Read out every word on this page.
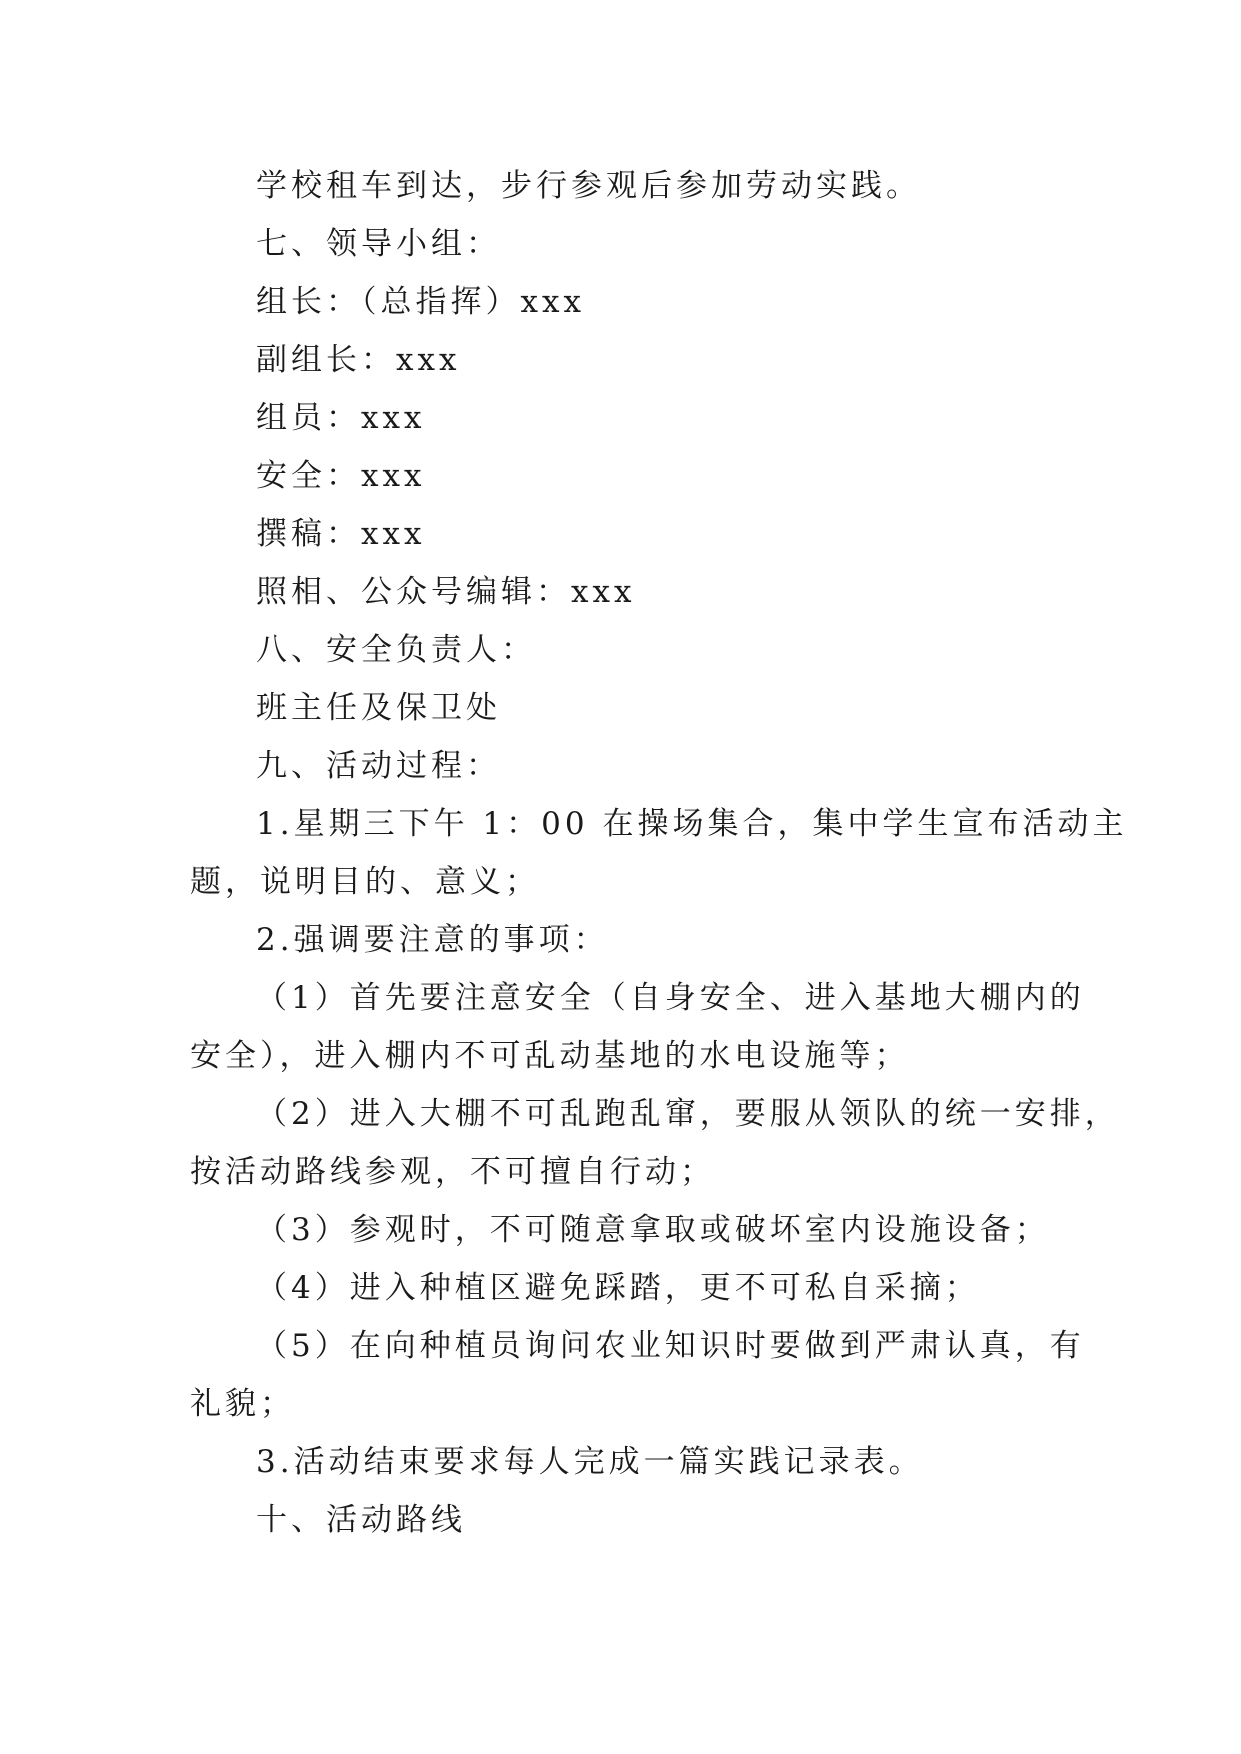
学校租车到达，步行参观后参加劳动实践。
七、领导小组：
组长：（总指挥）xxx
副组长：xxx
组员：xxx
安全：xxx
撰稿：xxx
照相、公众号编辑：xxx
八、安全负责人：
班主任及保卫处
九、活动过程：
1.星期三下午 1：00 在操场集合，集中学生宣布活动主
题，说明目的、意义；
2.强调要注意的事项：
（1）首先要注意安全（自身安全、进入基地大棚内的
安全），进入棚内不可乱动基地的水电设施等；
（2）进入大棚不可乱跑乱窜，要服从领队的统一安排，
按活动路线参观，不可擅自行动；
（3）参观时，不可随意拿取或破坏室内设施设备；
（4）进入种植区避免踩踏，更不可私自采摘；
（5）在向种植员询问农业知识时要做到严肃认真，有
礼貌；
3.活动结束要求每人完成一篇实践记录表。
十、活动路线
